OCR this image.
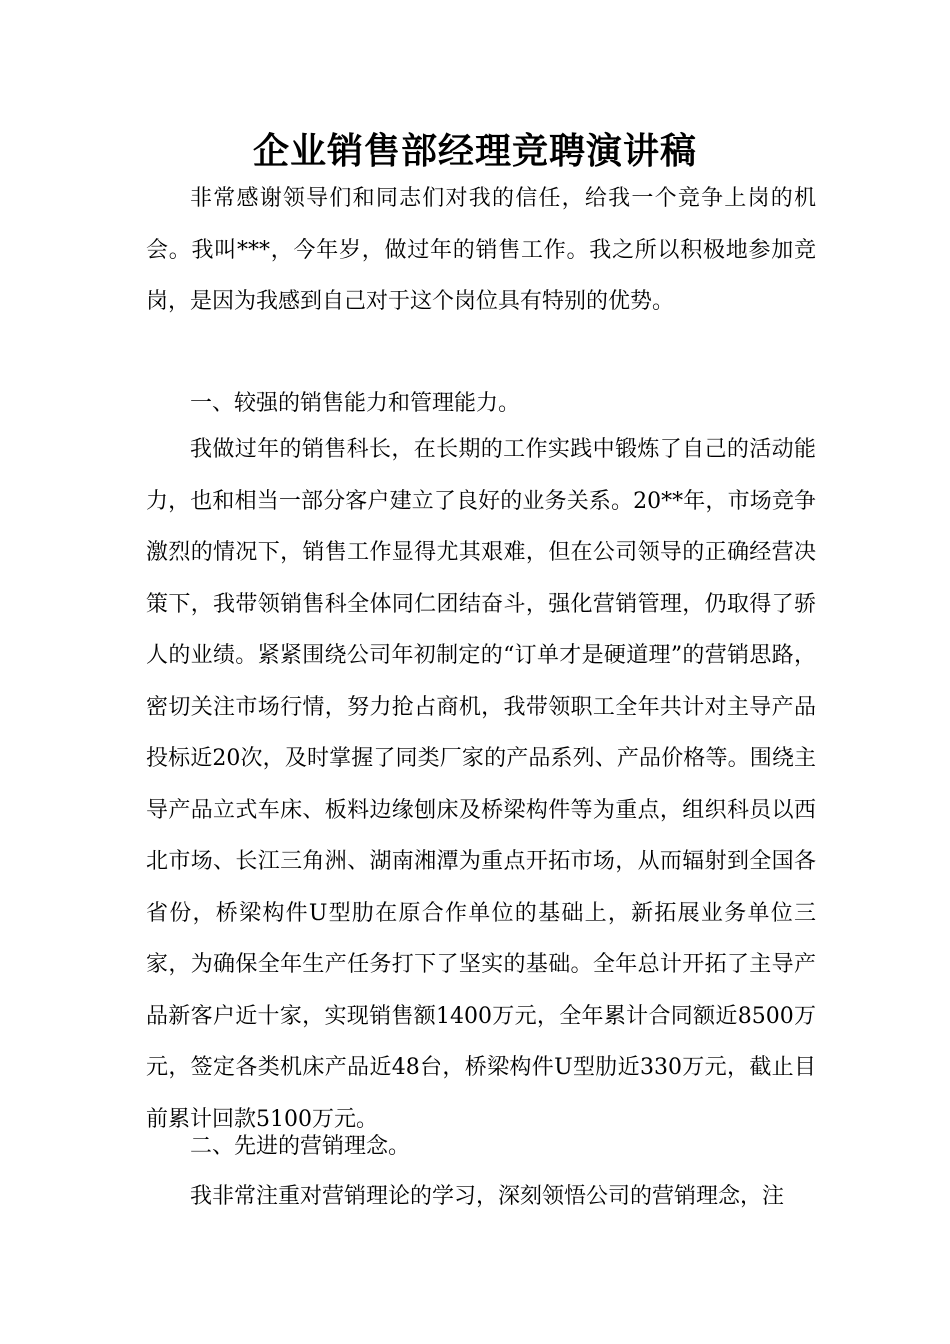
企业销售部经理竞聘演讲稿

非常感谢领导们和同志们对我的信任，给我一个竞争上岗的机会。我叫***，今年岁，做过年的销售工作。我之所以积极地参加竞岗，是因为我感到自己对于这个岗位具有特别的优势。

一、较强的销售能力和管理能力。

我做过年的销售科长，在长期的工作实践中锻炼了自己的活动能力，也和相当一部分客户建立了良好的业务关系。20**年，市场竞争激烈的情况下，销售工作显得尤其艰难，但在公司领导的正确经营决策下，我带领销售科全体同仁团结奋斗，强化营销管理，仍取得了骄人的业绩。紧紧围绕公司年初制定的“订单才是硬道理”的营销思路，密切关注市场行情，努力抢占商机，我带领职工全年共计对主导产品投标近20次，及时掌握了同类厂家的产品系列、产品价格等。围绕主导产品立式车床、板料边缘刨床及桥梁构件等为重点，组织科员以西北市场、长江三角洲、湖南湘潭为重点开拓市场，从而辐射到全国各省份，桥梁构件U型肋在原合作单位的基础上，新拓展业务单位三家，为确保全年生产任务打下了坚实的基础。全年总计开拓了主导产品新客户近十家，实现销售额1400万元，全年累计合同额近8500万元，签定各类机床产品近48台，桥梁构件U型肋近330万元，截止目前累计回款5100万元。

二、先进的营销理念。

我非常注重对营销理论的学习，深刻领悟公司的营销理念，注
